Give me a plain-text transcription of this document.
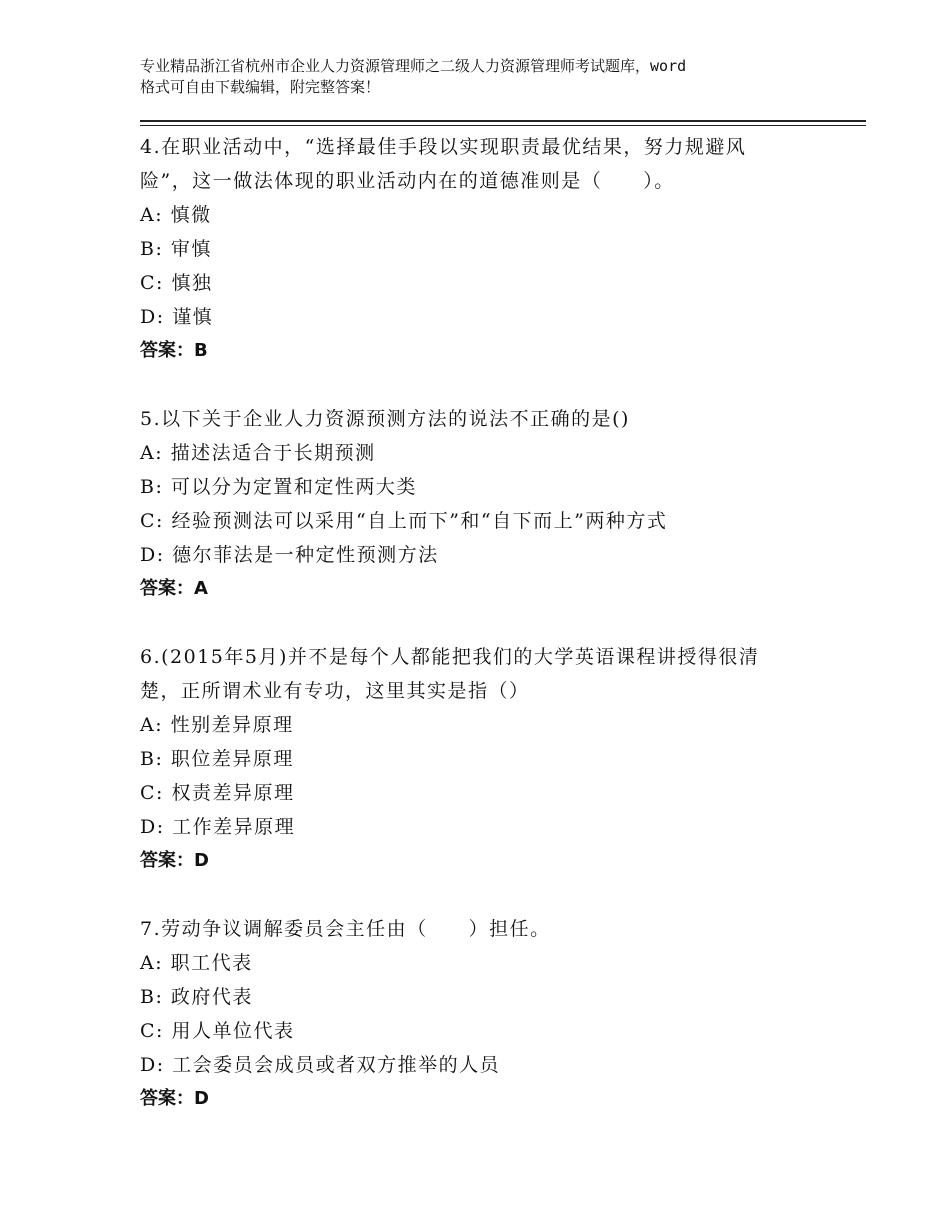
专业精品浙江省杭州市企业人力资源管理师之二级人力资源管理师考试题库，word
格式可自由下载编辑，附完整答案！

4.在职业活动中，“选择最佳手段以实现职责最优结果，努力规避风

险”，这一做法体现的职业活动内在的道德准则是（　　）。

A: 慎微

B: 审慎

C: 慎独

D: 谨慎

答案：B

5.以下关于企业人力资源预测方法的说法不正确的是()

A: 描述法适合于长期预测

B: 可以分为定置和定性两大类

C: 经验预测法可以采用“自上而下”和“自下而上”两种方式

D: 德尔菲法是一种定性预测方法

答案：A

6.(2015年5月)并不是每个人都能把我们的大学英语课程讲授得很清

楚，正所谓术业有专功，这里其实是指（）

A: 性别差异原理

B: 职位差异原理

C: 权责差异原理

D: 工作差异原理

答案：D

7.劳动争议调解委员会主任由（　　）担任。

A: 职工代表

B: 政府代表

C: 用人单位代表

D: 工会委员会成员或者双方推举的人员

答案：D
